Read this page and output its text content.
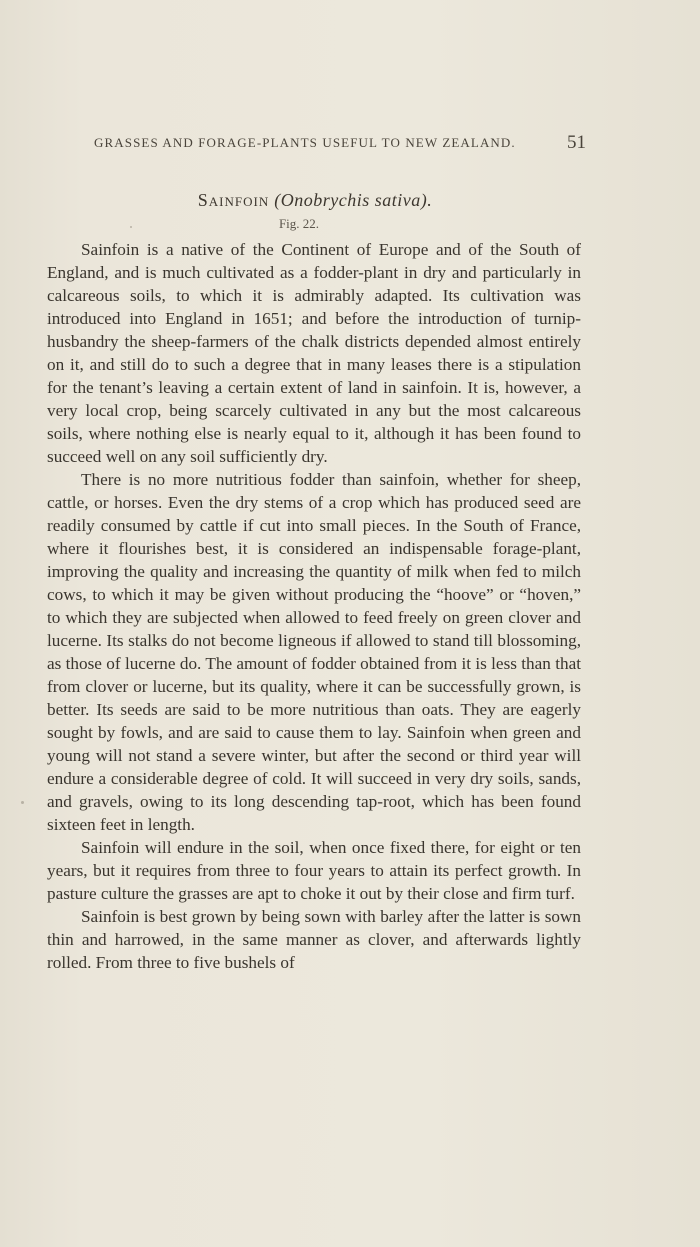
GRASSES AND FORAGE-PLANTS USEFUL TO NEW ZEALAND.	51
Sainfoin (Onobrychis sativa).
Fig. 22.

Sainfoin is a native of the Continent of Europe and of the South of England, and is much cultivated as a fodder-plant in dry and particularly in calcareous soils, to which it is admirably adapted. Its cultivation was introduced into England in 1651; and before the introduction of turnip-husbandry the sheep-farmers of the chalk districts depended almost entirely on it, and still do to such a degree that in many leases there is a stipulation for the tenant’s leaving a certain extent of land in sainfoin. It is, however, a very local crop, being scarcely cultivated in any but the most calcareous soils, where nothing else is nearly equal to it, although it has been found to succeed well on any soil sufficiently dry.

There is no more nutritious fodder than sainfoin, whether for sheep, cattle, or horses. Even the dry stems of a crop which has produced seed are readily consumed by cattle if cut into small pieces. In the South of France, where it flourishes best, it is considered an indispensable forage-plant, improving the quality and increasing the quantity of milk when fed to milch cows, to which it may be given without producing the “hoove” or “hoven,” to which they are subjected when allowed to feed freely on green clover and lucerne. Its stalks do not become ligneous if allowed to stand till blossoming, as those of lucerne do. The amount of fodder obtained from it is less than that from clover or lucerne, but its quality, where it can be successfully grown, is better. Its seeds are said to be more nutritious than oats. They are eagerly sought by fowls, and are said to cause them to lay. Sainfoin when green and young will not stand a severe winter, but after the second or third year will endure a considerable degree of cold. It will succeed in very dry soils, sands, and gravels, owing to its long descending tap-root, which has been found sixteen feet in length.

Sainfoin will endure in the soil, when once fixed there, for eight or ten years, but it requires from three to four years to attain its perfect growth. In pasture culture the grasses are apt to choke it out by their close and firm turf.

Sainfoin is best grown by being sown with barley after the latter is sown thin and harrowed, in the same manner as clover, and afterwards lightly rolled. From three to five bushels of
